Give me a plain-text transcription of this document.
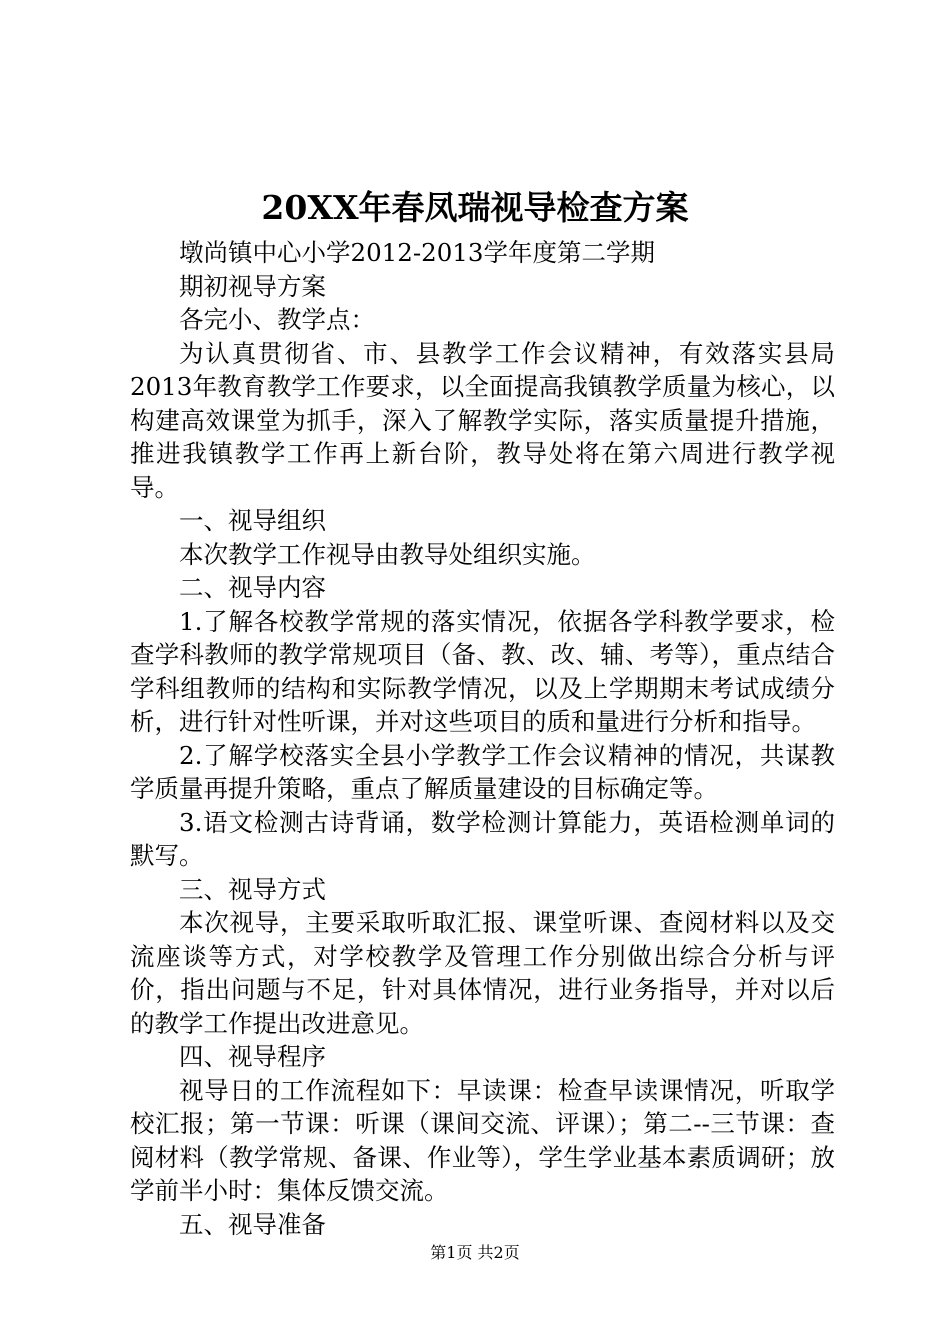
20XX年春凤瑞视导检查方案

墩尚镇中心小学2012-2013学年度第二学期

期初视导方案

各完小、教学点：

为认真贯彻省、市、县教学工作会议精神，有效落实县局2013年教育教学工作要求，以全面提高我镇教学质量为核心，以构建高效课堂为抓手，深入了解教学实际，落实质量提升措施，推进我镇教学工作再上新台阶，教导处将在第六周进行教学视导。

一、视导组织

本次教学工作视导由教导处组织实施。

二、视导内容

1.了解各校教学常规的落实情况，依据各学科教学要求，检查学科教师的教学常规项目（备、教、改、辅、考等），重点结合学科组教师的结构和实际教学情况，以及上学期期末考试成绩分析，进行针对性听课，并对这些项目的质和量进行分析和指导。

2.了解学校落实全县小学教学工作会议精神的情况，共谋教学质量再提升策略，重点了解质量建设的目标确定等。

3.语文检测古诗背诵，数学检测计算能力，英语检测单词的默写。

三、视导方式

本次视导，主要采取听取汇报、课堂听课、查阅材料以及交流座谈等方式，对学校教学及管理工作分别做出综合分析与评价，指出问题与不足，针对具体情况，进行业务指导，并对以后的教学工作提出改进意见。

四、视导程序

视导日的工作流程如下：早读课：检查早读课情况，听取学校汇报；第一节课：听课（课间交流、评课）；第二--三节课：查阅材料（教学常规、备课、作业等），学生学业基本素质调研；放学前半小时：集体反馈交流。

五、视导准备

第1页 共2页
